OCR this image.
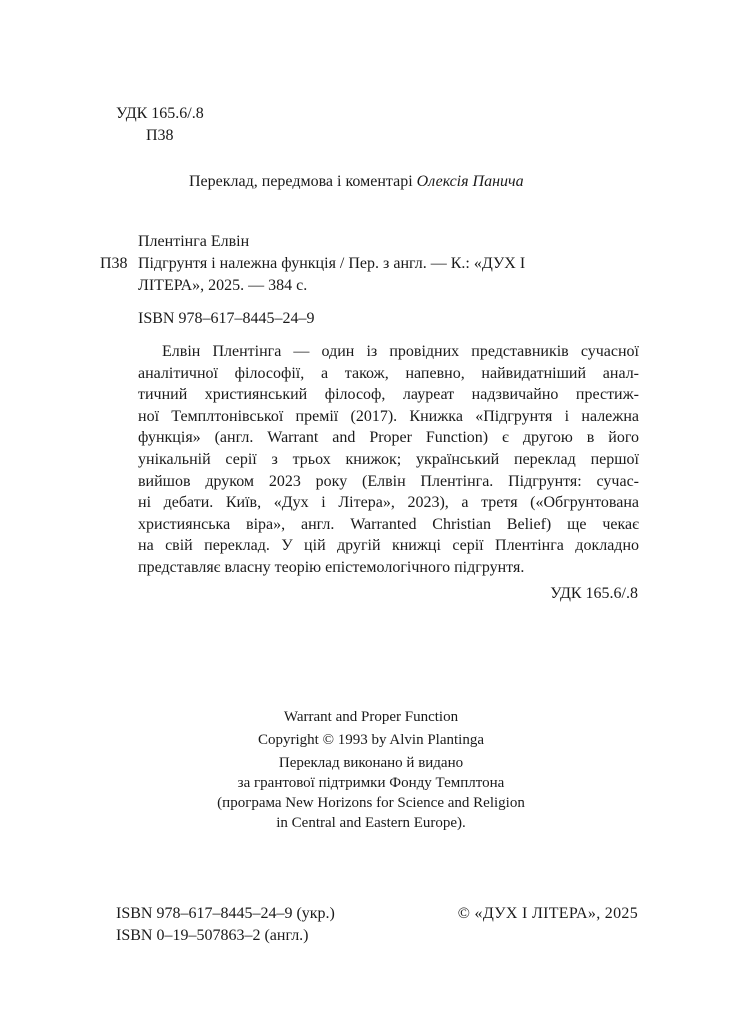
УДК 165.6/.8
П38
Переклад, передмова і коментарі Олексія Панича
Плентінга Елвін
П38 Підгрунтя і належна функція / Пер. з англ. — К.: «ДУХ І
ЛІТЕРА», 2025. — 384 с.
ISBN 978–617–8445–24–9
Елвін Плентінга — один із провідних представників сучасної
аналітичної філософії, а також, напевно, найвидатніший анал-
тичний християнський філософ, лауреат надзвичайно престиж-
ної Темплтонівської премії (2017). Книжка «Підгрунтя і належна
функція» (англ. Warrant and Proper Function) є другою в його
унікальній серії з трьох книжок; український переклад першої
вийшов друком 2023 року (Елвін Плентінга. Підгрунтя: сучас-
ні дебати. Київ, «Дух і Літера», 2023), а третя («Обгрунтована
християнська віра», англ. Warranted Christian Belief) ще чекає
на свій переклад. У цій другій книжці серії Плентінга докладно
представляє власну теорію епістемологічного підгрунтя.
УДК 165.6/.8
Warrant and Proper Function
Copyright © 1993 by Alvin Plantinga
Переклад виконано й видано
за грантової підтримки Фонду Темплтона
(програма New Horizons for Science and Religion
in Central and Eastern Europe).
ISBN 978–617–8445–24–9 (укр.)
ISBN 0–19–507863–2 (англ.)
© «ДУХ І ЛІТЕРА», 2025
